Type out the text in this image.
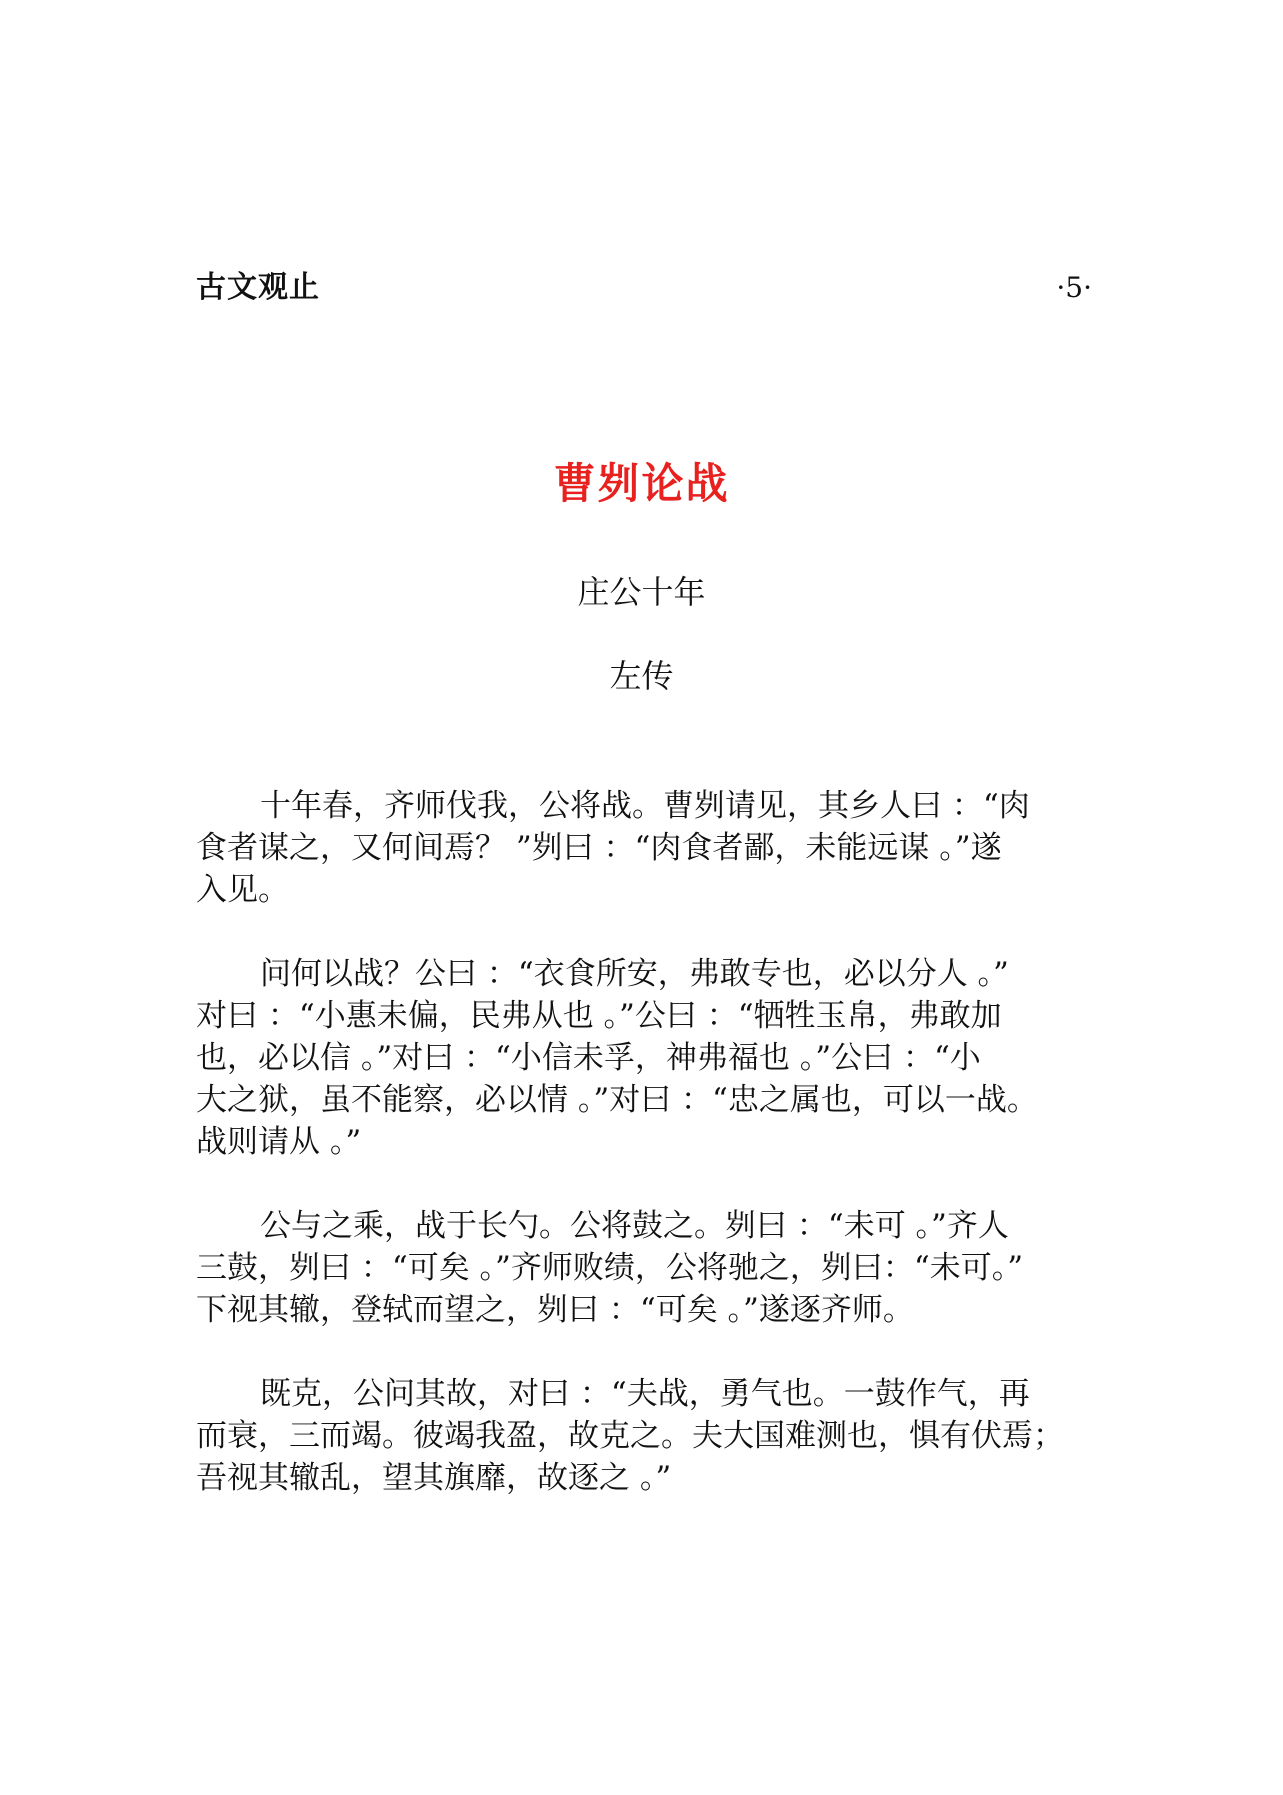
古文观止	·5·
曹刿论战
庄公十年
左传
十年春，齐师伐我，公将战。曹刿请见，其乡人曰 ：“肉
食者谋之，又何间焉？ ”刿曰 ：“肉食者鄙，未能远谋 。”遂
入见。
问何以战？公曰 ：“衣食所安，弗敢专也，必以分人 。”
对曰 ：“小惠未偏，民弗从也 。”公曰 ：“牺牲玉帛，弗敢加
也，必以信 。”对曰 ：“小信未孚，神弗福也 。”公曰 ：“小
大之狱，虽不能察，必以情 。”对曰 ：“忠之属也，可以一战。
战则请从 。”
公与之乘，战于长勺。公将鼓之。刿曰 ：“未可 。”齐人
三鼓，刿曰 ：“可矣 。”齐师败绩，公将驰之，刿曰：“未可。”
下视其辙，登轼而望之，刿曰 ：“可矣 。”遂逐齐师。
既克，公问其故，对曰 ：“夫战，勇气也。一鼓作气，再
而衰，三而竭。彼竭我盈，故克之。夫大国难测也，惧有伏焉；
吾视其辙乱，望其旗靡，故逐之 。”
